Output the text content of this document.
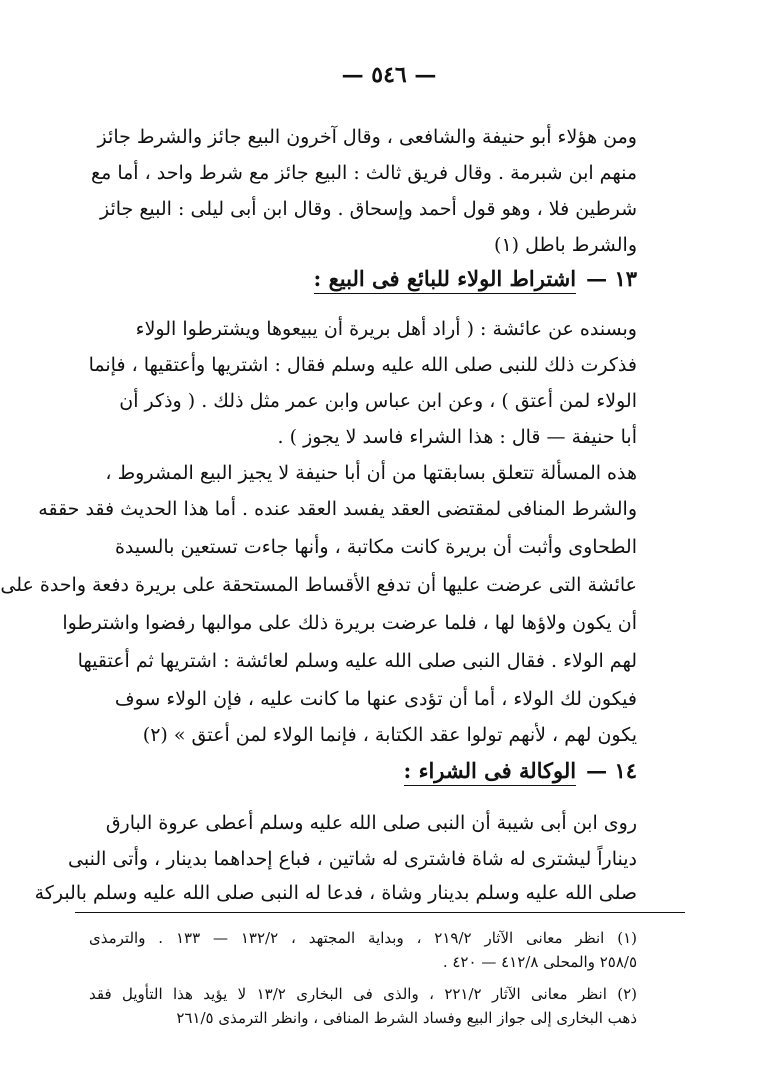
— ٥٤٦ —
ومن هؤلاء أبو حنيفة والشافعى ، وقال آخرون البيع جائز والشرط جائز
منهم ابن شبرمة . وقال فريق ثالث : البيع جائز مع شرط واحد ، أما مع
شرطين فلا ، وهو قول أحمد وإسحاق . وقال ابن أبى ليلى : البيع جائز
والشرط باطل (١)
١٣ —اشتراط الولاء للبائع فى البيع :
وبسنده عن عائشة : ( أراد أهل بريرة أن يبيعوها ويشترطوا الولاء
فذكرت ذلك للنبى صلى الله عليه وسلم فقال : اشتريها وأعتقيها ، فإنما
الولاء لمن أعتق ) ، وعن ابن عباس وابن عمر مثل ذلك . ( وذكر أن
أبا حنيفة — قال : هذا الشراء فاسد لا يجوز ) .
هذه المسألة تتعلق بسابقتها من أن أبا حنيفة لا يجيز البيع المشروط ،
والشرط المنافى لمقتضى العقد يفسد العقد عنده . أما هذا الحديث فقد حققه
الطحاوى وأثبت أن بريرة كانت مكاتبة ، وأنها جاءت تستعين بالسيدة
عائشة التى عرضت عليها أن تدفع الأقساط المستحقة على بريرة دفعة واحدة على
أن يكون ولاؤها لها ، فلما عرضت بريرة ذلك على موالبها رفضوا واشترطوا
لهم الولاء . فقال النبى صلى الله عليه وسلم لعائشة : اشتريها ثم أعتقيها
فيكون لك الولاء ، أما أن تؤدى عنها ما كانت عليه ، فإن الولاء سوف
يكون لهم ، لأنهم تولوا عقد الكتابة ، فإنما الولاء لمن أعتق » (٢)
١٤ —الوكالة فى الشراء :
روى ابن أبى شيبة أن النبى صلى الله عليه وسلم أعطى عروة البارق
ديناراً ليشترى له شاة فاشترى له شاتين ، فباع إحداهما بدينار ، وأتى النبى
صلى الله عليه وسلم بدينار وشاة ، فدعا له النبى صلى الله عليه وسلم بالبركة
(١) انظر معانى الآثار ٢١٩/٢ ، وبداية المجتهد ، ١٣٢/٢ — ١٣٣ . والترمذى
٢٥٨/٥ والمحلى ٤١٢/٨ — ٤٢٠ .
(٢) انظر معانى الآثار ٢٢١/٢ ، والذى فى البخارى ١٣/٢ لا يؤيد هذا التأويل فقد
ذهب البخارى إلى جواز البيع وفساد الشرط المنافى ، وانظر الترمذى ٢٦١/٥
